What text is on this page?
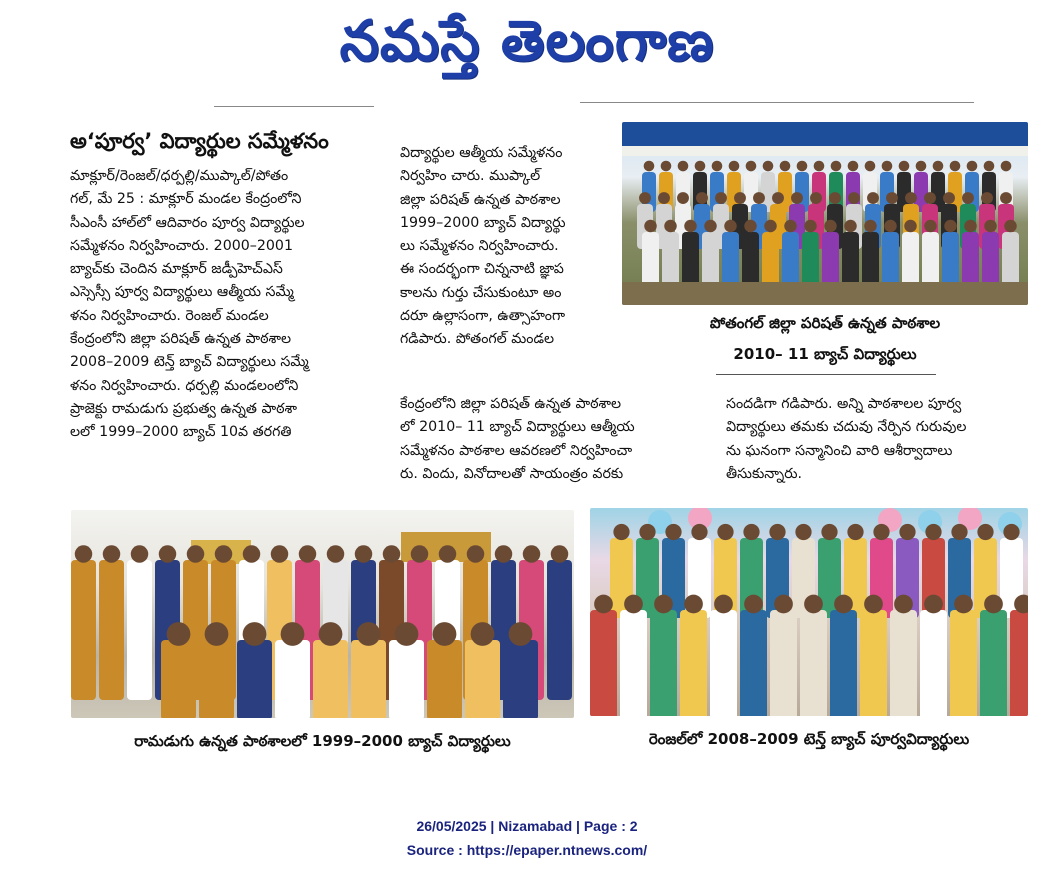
నమస్తే తెలంగాణ
అ‘పూర్వ’ విద్యార్థుల సమ్మేళనం
మాక్లూర్/రెంజల్/ధర్పల్లి/ముప్కాల్/పోతం
గల్, మే 25 : మాక్లూర్ మండల కేంద్రంలోని
సీఎంసీ హాల్‌లో ఆదివారం పూర్వ విద్యార్థుల
సమ్మేళనం నిర్వహించారు. 2000–2001
బ్యాచ్‌కు చెందిన మాక్లూర్ జడ్పీహెచ్‌ఎస్
ఎస్సెస్సీ పూర్వ విద్యార్థులు ఆత్మీయ సమ్మే
ళనం నిర్వహించారు. రెంజల్ మండల
కేంద్రంలోని జిల్లా పరిషత్ ఉన్నత పాఠశాల
2008–2009 టెన్త్ బ్యాచ్ విద్యార్థులు సమ్మే
ళనం నిర్వహించారు. ధర్పల్లి మండలంలోని
ప్రాజెక్టు రామడుగు ప్రభుత్వ ఉన్నత పాఠశా
లలో 1999–2000 బ్యాచ్ 10వ తరగతి
విద్యార్థుల ఆత్మీయ సమ్మేళనం
నిర్వహిం చారు. ముప్కాల్
జిల్లా పరిషత్ ఉన్నత పాఠశాల
1999–2000 బ్యాచ్ విద్యార్థు
లు సమ్మేళనం నిర్వహించారు.
ఈ సందర్భంగా చిన్ననాటి జ్ఞాప
కాలను గుర్తు చేసుకుంటూ అం
దరూ ఉల్లాసంగా, ఉత్సాహంగా
గడిపారు. పోతంగల్ మండల
కేంద్రంలోని జిల్లా పరిషత్ ఉన్నత పాఠశాల
లో 2010– 11 బ్యాచ్ విద్యార్థులు ఆత్మీయ
సమ్మేళనం పాఠశాల ఆవరణలో నిర్వహించా
రు. విందు, వినోదాలతో సాయంత్రం వరకు
సందడిగా గడిపారు. అన్ని పాఠశాలల పూర్వ
విద్యార్థులు తమకు చదువు నేర్పిన గురువుల
ను ఘనంగా సన్మానించి వారి ఆశీర్వాదాలు
తీసుకున్నారు.
పోతంగల్ జిల్లా పరిషత్ ఉన్నత పాఠశాల
2010– 11 బ్యాచ్ విద్యార్థులు
రామడుగు ఉన్నత పాఠశాలలో 1999–2000 బ్యాచ్ విద్యార్థులు	రెంజల్‌లో 2008–2009 టెన్త్ బ్యాచ్ పూర్వవిద్యార్థులు
26/05/2025 | Nizamabad | Page : 2
Source : https://epaper.ntnews.com/
